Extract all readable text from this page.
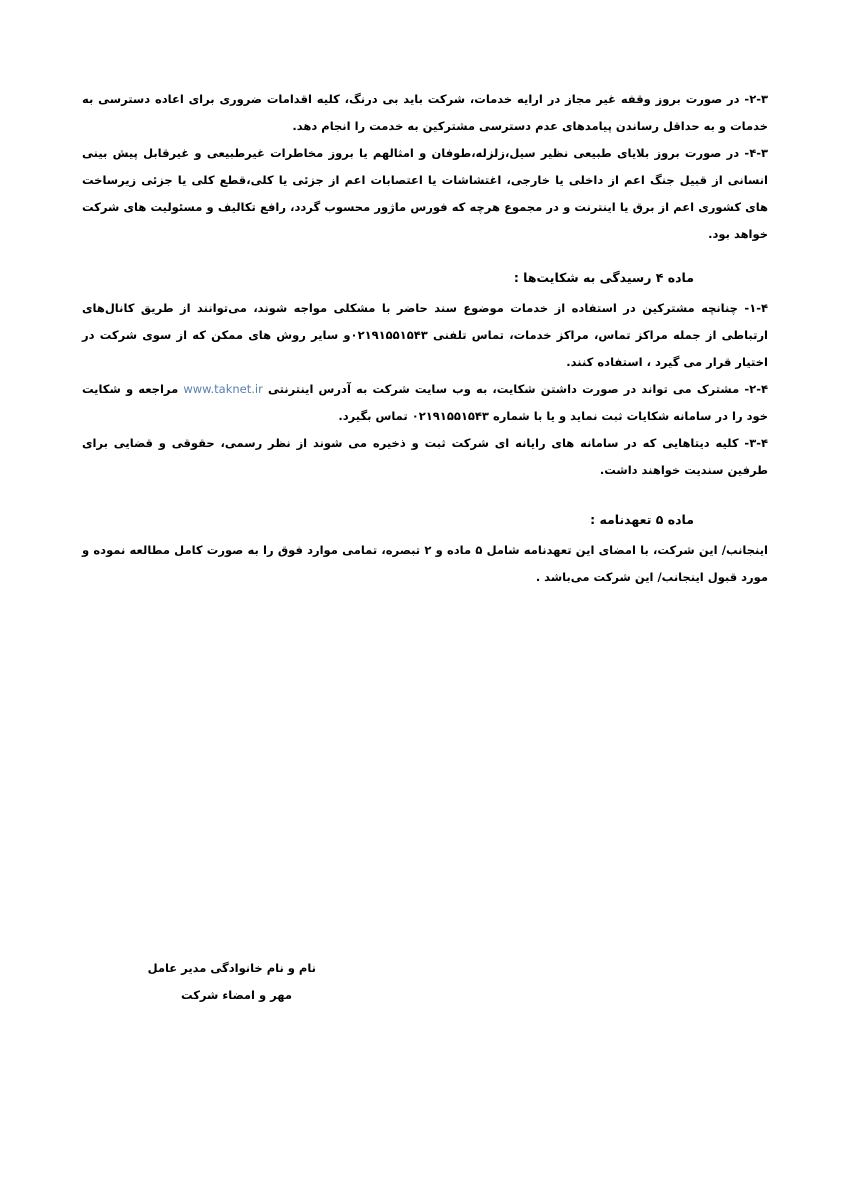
۲-۳- در صورت بروز وقفه غیر مجاز در ارایه خدمات، شرکت باید بی درنگ، کلیه اقدامات ضروری برای اعاده دسترسی به خدمات و به حداقل رساندن پیامدهای عدم دسترسی مشترکین به خدمت را انجام دهد.

۴-۳- در صورت بروز بلایای طبیعی نظیر سیل،زلزله،طوفان و امثالهم یا بروز مخاطرات غیرطبیعی و غیرقابل پیش بینی انسانی از قبیل جنگ اعم از داخلی یا خارجی، اغتشاشات یا اعتصابات اعم از جزئی یا کلی،قطع کلی یا جزئی زیرساخت های کشوری اعم از برق یا اینترنت و در مجموع هرچه که فورس ماژور محسوب گردد، رافع تکالیف و مسئولیت های شرکت خواهد بود.

ماده ۴ رسیدگی به شکایت‌ها :

۱-۴- چنانچه مشترکین در استفاده از خدمات موضوع سند حاضر با مشکلی مواجه شوند، می‌توانند از طریق کانال‌های ارتباطی از جمله مراکز تماس، مراکز خدمات، تماس تلفنی ۰۲۱۹۱۵۵۱۵۴۳و سایر روش های ممکن که از سوی شرکت در اختیار قرار می گیرد ، استفاده کنند.

۲-۴- مشترک می تواند در صورت داشتن شکایت، به وب سایت شرکت به آدرس اینترنتی www.taknet.ir مراجعه و شکایت خود را در سامانه شکایات ثبت نماید و یا با شماره ۰۲۱۹۱۵۵۱۵۴۳ تماس بگیرد.

۳-۴- کلیه دیتاهایی که در سامانه های رایانه ای شرکت ثبت و ذخیره می شوند از نظر رسمی، حقوقی و قضایی برای طرفین سندیت خواهند داشت.

ماده ۵ تعهدنامه :

اینجانب/ این شرکت، با امضای این تعهدنامه شامل ۵ ماده و ۲ تبصره، تمامی موارد فوق را به صورت کامل مطالعه نموده و مورد قبول اینجانب/ این شرکت می‌باشد .

نام و نام خانوادگی مدیر عامل
مهر و امضاء شرکت
